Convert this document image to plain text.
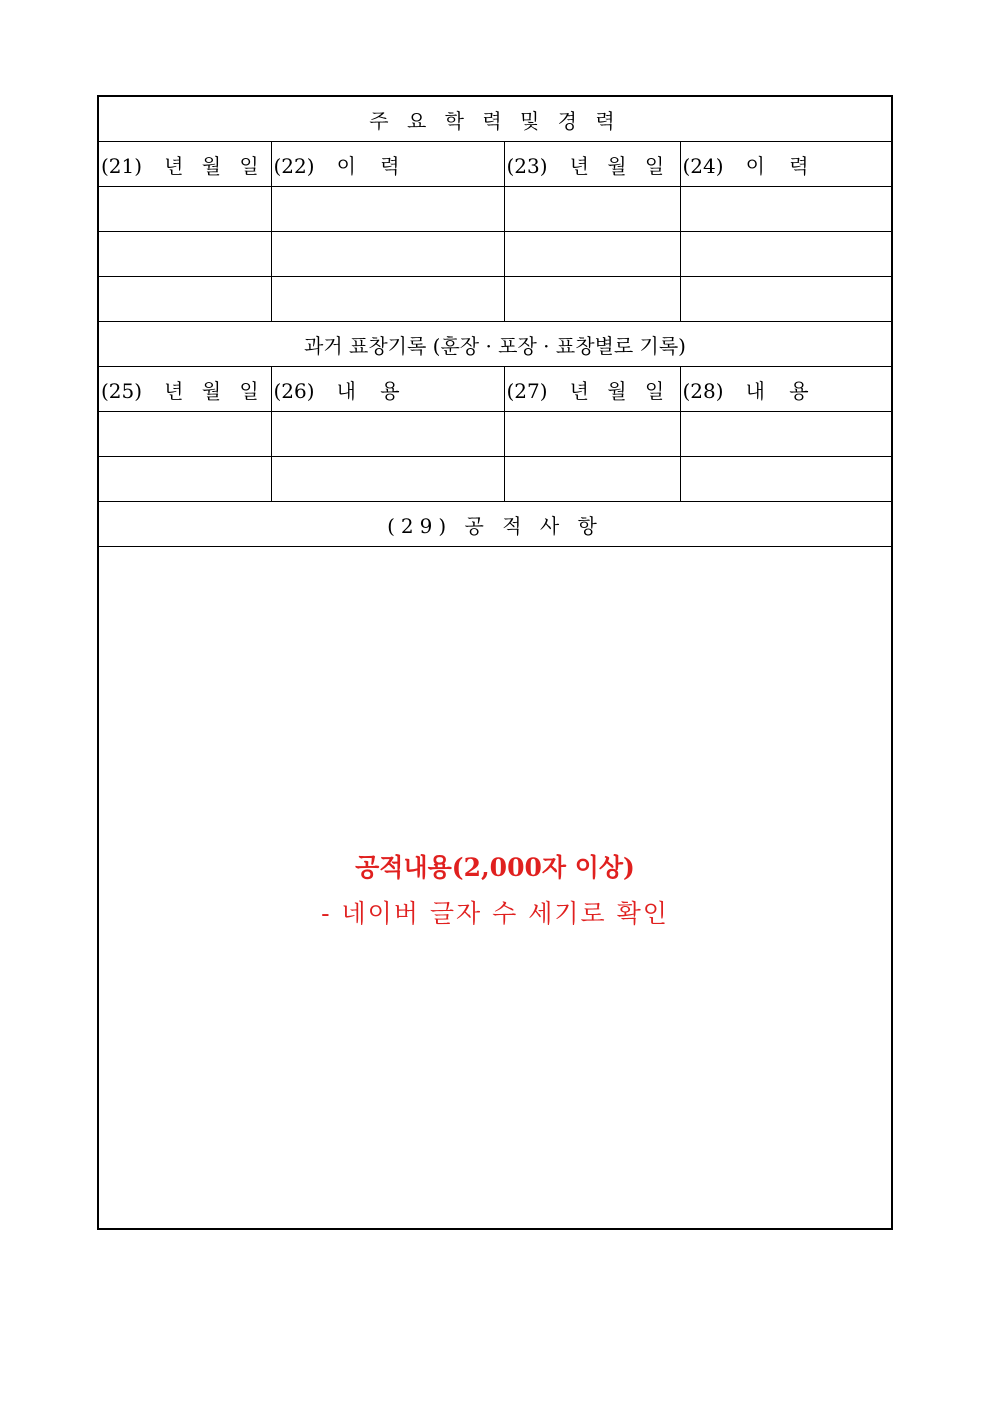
주 요 학 력 및 경 력			
(21) 년 월 일	(22) 이 력	(23) 년 월 일	(24) 이 력

과거 표창기록 (훈장 · 포장 · 표창별로 기록)			
(25) 년 월 일	(26) 내 용	(27) 년 월 일	(28) 내 용

(29) 공 적 사 항			

공적내용(2,000자 이상)
- 네이버 글자 수 세기로 확인			
